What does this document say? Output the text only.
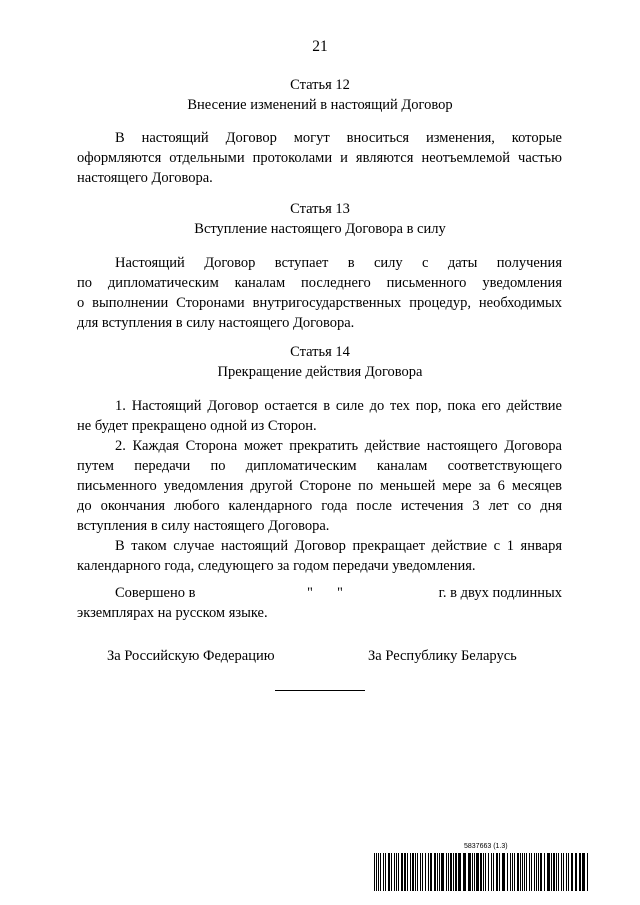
21
Статья 12
Внесение изменений в настоящий Договор
В настоящий Договор могут вноситься изменения, которые
оформляются отдельными протоколами и являются неотъемлемой частью
настоящего Договора.
Статья 13
Вступление настоящего Договора в силу
Настоящий Договор вступает в силу с даты получения
по дипломатическим каналам последнего письменного уведомления
о выполнении Сторонами внутригосударственных процедур, необходимых
для вступления в силу настоящего Договора.
Статья 14
Прекращение действия Договора
1. Настоящий Договор остается в силе до тех пор, пока его действие
не будет прекращено одной из Сторон.
2. Каждая Сторона может прекратить действие настоящего Договора
путем передачи по дипломатическим каналам соответствующего
письменного уведомления другой Стороне по меньшей мере за 6 месяцев
до окончания любого календарного года после истечения 3 лет со дня
вступления в силу настоящего Договора.
В таком случае настоящий Договор прекращает действие с 1 января
календарного года, следующего за годом передачи уведомления.
Совершено в	" "	г. в двух подлинных
экземплярах на русском языке.
За Российскую Федерацию	За Республику Беларусь
5837663 (1.3)
